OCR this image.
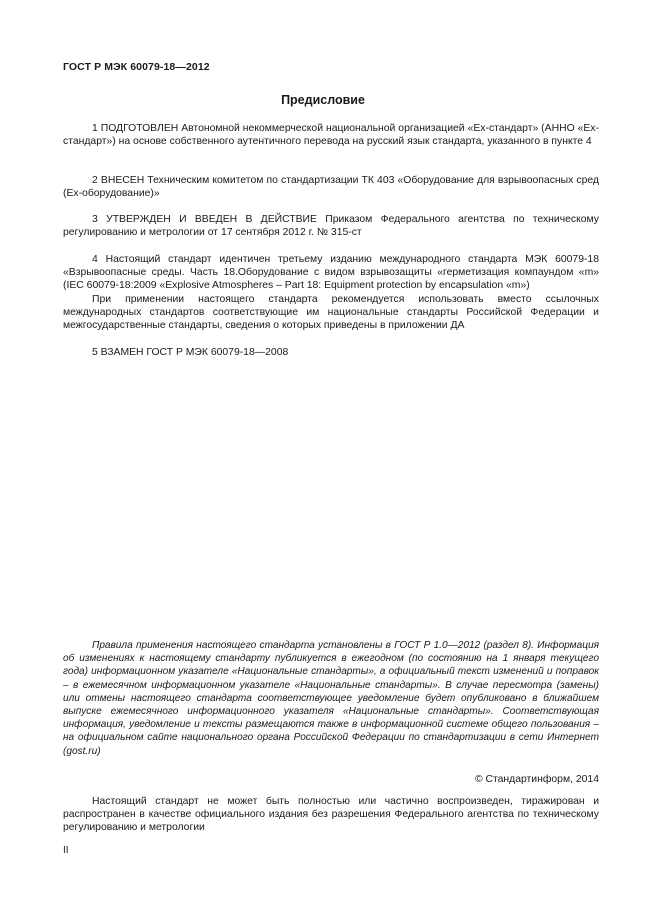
ГОСТ Р МЭК 60079-18—2012
Предисловие

1 ПОДГОТОВЛЕН Автономной некоммерческой национальной организацией «Ех-стандарт» (АННО «Ех-стандарт») на основе собственного аутентичного перевода на русский язык стандарта, указанного в пункте 4

2 ВНЕСЕН Техническим комитетом по стандартизации ТК 403 «Оборудование для взрывоопасных сред (Ех-оборудование)»

3 УТВЕРЖДЕН И ВВЕДЕН В ДЕЙСТВИЕ Приказом Федерального агентства по техническому регулированию и метрологии от 17 сентября 2012 г. № 315-ст

4 Настоящий стандарт идентичен третьему изданию международного стандарта МЭК 60079-18 «Взрывоопасные среды. Часть 18.Оборудование с видом взрывозащиты «герметизация компаундом «m» (IEC 60079-18:2009 «Explosive Atmospheres – Part 18: Equipment protection by encapsulation «m»)

При применении настоящего стандарта рекомендуется использовать вместо ссылочных международных стандартов соответствующие им национальные стандарты Российской Федерации и межгосударственные стандарты, сведения о которых приведены в приложении ДА

5 ВЗАМЕН ГОСТ Р МЭК 60079-18—2008

Правила применения настоящего стандарта установлены в ГОСТ Р 1.0—2012 (раздел 8). Информация об изменениях к настоящему стандарту публикуется в ежегодном (по состоянию на 1 января текущего года) информационном указателе «Национальные стандарты», а официальный текст изменений и поправок – в ежемесячном информационном указателе «Национальные стандарты». В случае пересмотра (замены) или отмены настоящего стандарта соответствующее уведомление будет опубликовано в ближайшем выпуске ежемесячного информационного указателя «Национальные стандарты». Соответствующая информация, уведомление и тексты размещаются также в информационной системе общего пользования – на официальном сайте национального органа Российской Федерации по стандартизации в сети Интернет (gost.ru)
© Стандартинформ, 2014
Настоящий стандарт не может быть полностью или частично воспроизведен, тиражирован и распространен в качестве официального издания без разрешения Федерального агентства по техническому регулированию и метрологии
II
